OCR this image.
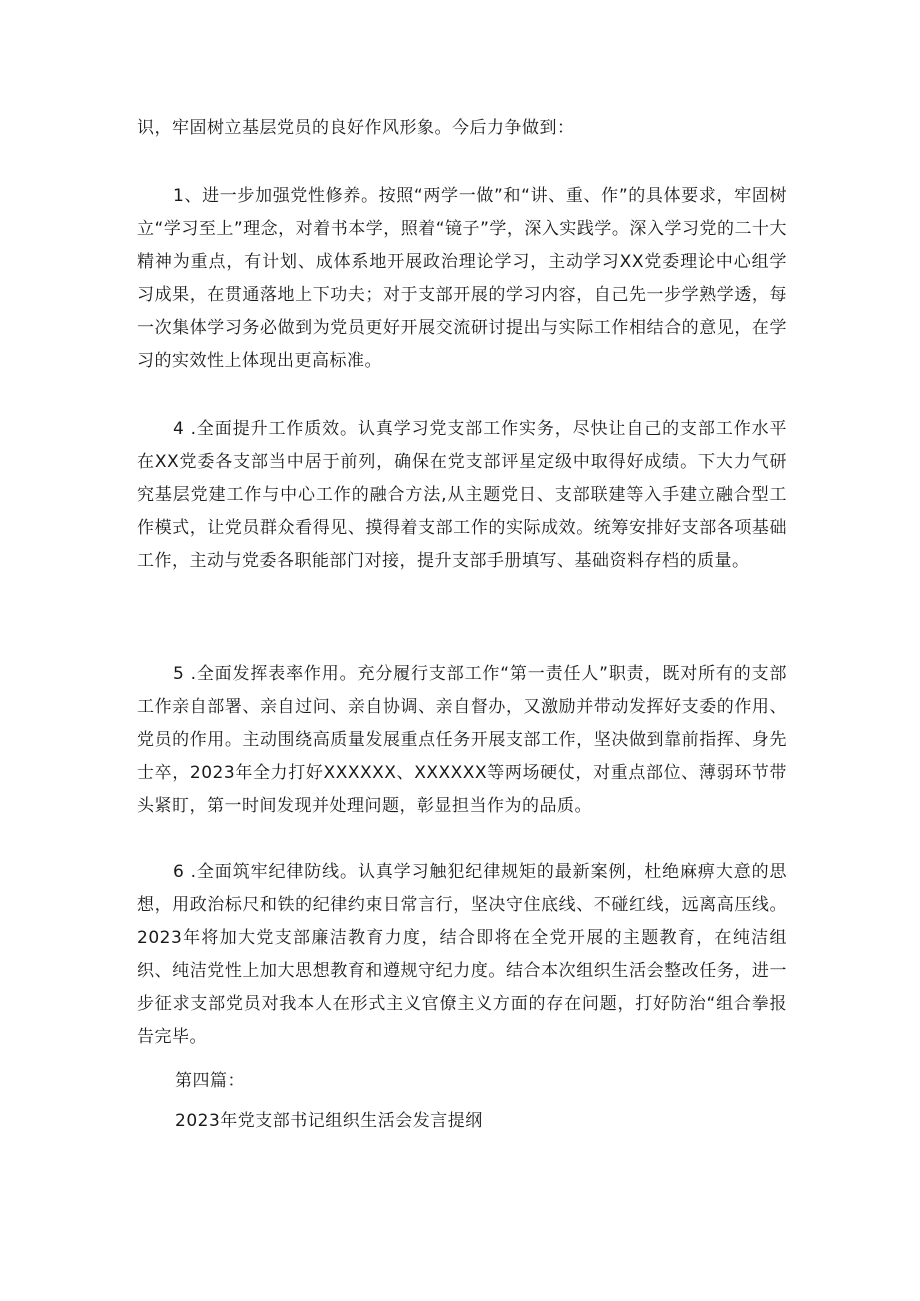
识，牢固树立基层党员的良好作风形象。今后力争做到：

1、进一步加强党性修养。按照“两学一做”和“讲、重、作”的具体要求，牢固树立“学习至上”理念，对着书本学，照着“镜子”学，深入实践学。深入学习党的二十大精神为重点，有计划、成体系地开展政治理论学习，主动学习XX党委理论中心组学习成果，在贯通落地上下功夫；对于支部开展的学习内容，自己先一步学熟学透，每一次集体学习务必做到为党员更好开展交流研讨提出与实际工作相结合的意见，在学习的实效性上体现出更高标准。

4 .全面提升工作质效。认真学习党支部工作实务，尽快让自己的支部工作水平在XX党委各支部当中居于前列，确保在党支部评星定级中取得好成绩。下大力气研究基层党建工作与中心工作的融合方法,从主题党日、支部联建等入手建立融合型工作模式，让党员群众看得见、摸得着支部工作的实际成效。统筹安排好支部各项基础工作，主动与党委各职能部门对接，提升支部手册填写、基础资料存档的质量。

5 .全面发挥表率作用。充分履行支部工作“第一责任人”职责，既对所有的支部工作亲自部署、亲自过问、亲自协调、亲自督办，又激励并带动发挥好支委的作用、党员的作用。主动围绕高质量发展重点任务开展支部工作，坚决做到靠前指挥、身先士卒，2023年全力打好XXXXXX、XXXXXX等两场硬仗，对重点部位、薄弱环节带头紧盯，第一时间发现并处理问题，彰显担当作为的品质。

6 .全面筑牢纪律防线。认真学习触犯纪律规矩的最新案例，杜绝麻痹大意的思想，用政治标尺和铁的纪律约束日常言行，坚决守住底线、不碰红线，远离高压线。2023年将加大党支部廉洁教育力度，结合即将在全党开展的主题教育，在纯洁组织、纯洁党性上加大思想教育和遵规守纪力度。结合本次组织生活会整改任务，进一步征求支部党员对我本人在形式主义官僚主义方面的存在问题，打好防治“组合拳报告完毕。

第四篇：

2023年党支部书记组织生活会发言提纲
